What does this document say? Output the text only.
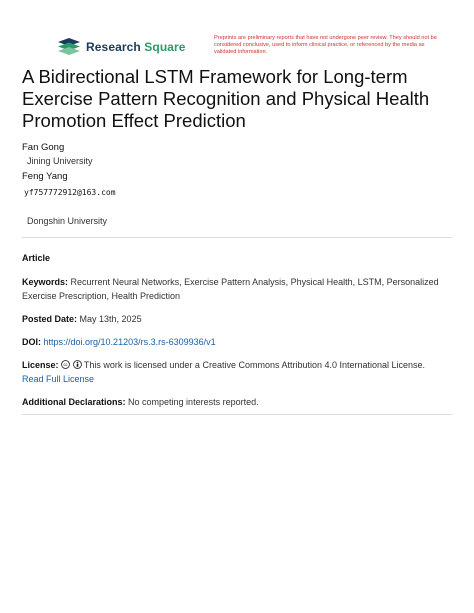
Research Square
Preprints are preliminary reports that have not undergone peer review. They should not be considered conclusive, used to inform clinical practice, or referenced by the media as validated information.
A Bidirectional LSTM Framework for Long-term Exercise Pattern Recognition and Physical Health Promotion Effect Prediction
Fan Gong
Jining University
Feng Yang
yf757772912@163.com
Dongshin University
Article
Keywords: Recurrent Neural Networks, Exercise Pattern Analysis, Physical Health, LSTM, Personalized Exercise Prescription, Health Prediction
Posted Date: May 13th, 2025
DOI: https://doi.org/10.21203/rs.3.rs-6309936/v1
License: cc This work is licensed under a Creative Commons Attribution 4.0 International License.
Read Full License
Additional Declarations: No competing interests reported.
